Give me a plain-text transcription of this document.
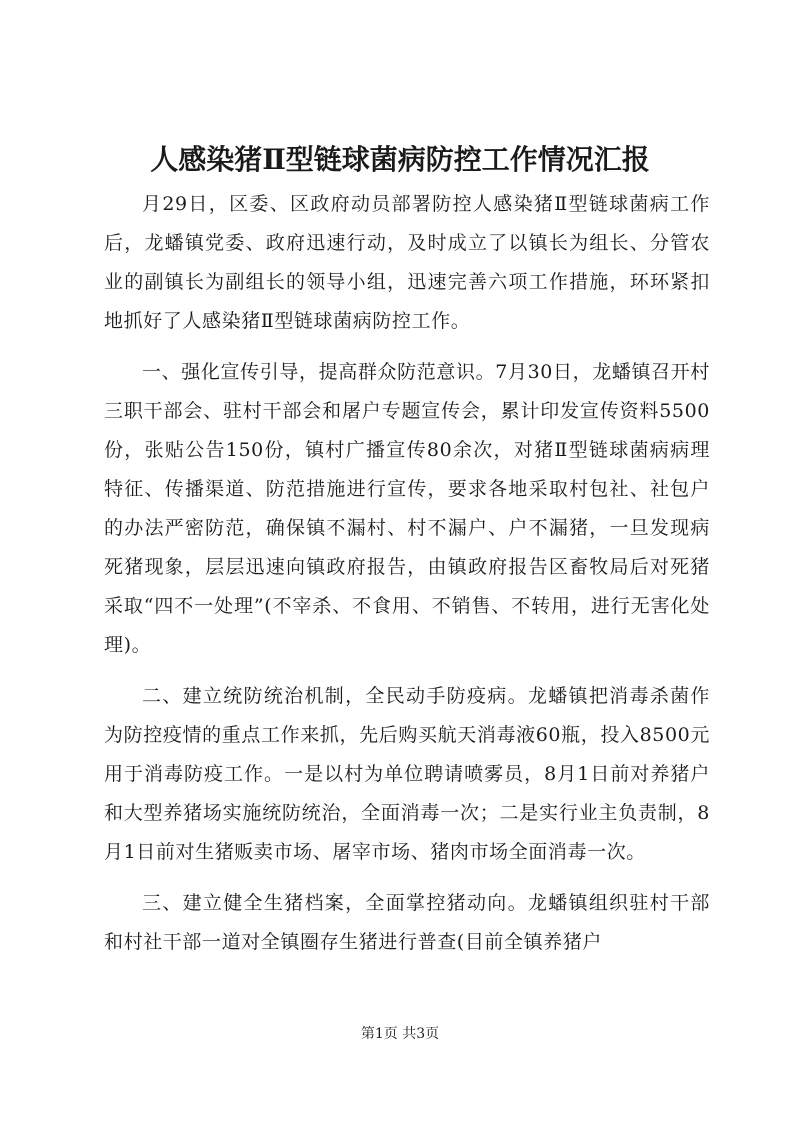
人感染猪Ⅱ型链球菌病防控工作情况汇报

月29日，区委、区政府动员部署防控人感染猪Ⅱ型链球菌病工作后，龙蟠镇党委、政府迅速行动，及时成立了以镇长为组长、分管农业的副镇长为副组长的领导小组，迅速完善六项工作措施，环环紧扣地抓好了人感染猪Ⅱ型链球菌病防控工作。

一、强化宣传引导，提高群众防范意识。7月30日，龙蟠镇召开村三职干部会、驻村干部会和屠户专题宣传会，累计印发宣传资料5500份，张贴公告150份，镇村广播宣传80余次，对猪Ⅱ型链球菌病病理特征、传播渠道、防范措施进行宣传，要求各地采取村包社、社包户的办法严密防范，确保镇不漏村、村不漏户、户不漏猪，一旦发现病死猪现象，层层迅速向镇政府报告，由镇政府报告区畜牧局后对死猪采取“四不一处理”(不宰杀、不食用、不销售、不转用，进行无害化处理)。

二、建立统防统治机制，全民动手防疫病。龙蟠镇把消毒杀菌作为防控疫情的重点工作来抓，先后购买航天消毒液60瓶，投入8500元用于消毒防疫工作。一是以村为单位聘请喷雾员，8月1日前对养猪户和大型养猪场实施统防统治，全面消毒一次；二是实行业主负责制，8月1日前对生猪贩卖市场、屠宰市场、猪肉市场全面消毒一次。

三、建立健全生猪档案，全面掌控猪动向。龙蟠镇组织驻村干部和村社干部一道对全镇圈存生猪进行普查(目前全镇养猪户

第1页 共3页
